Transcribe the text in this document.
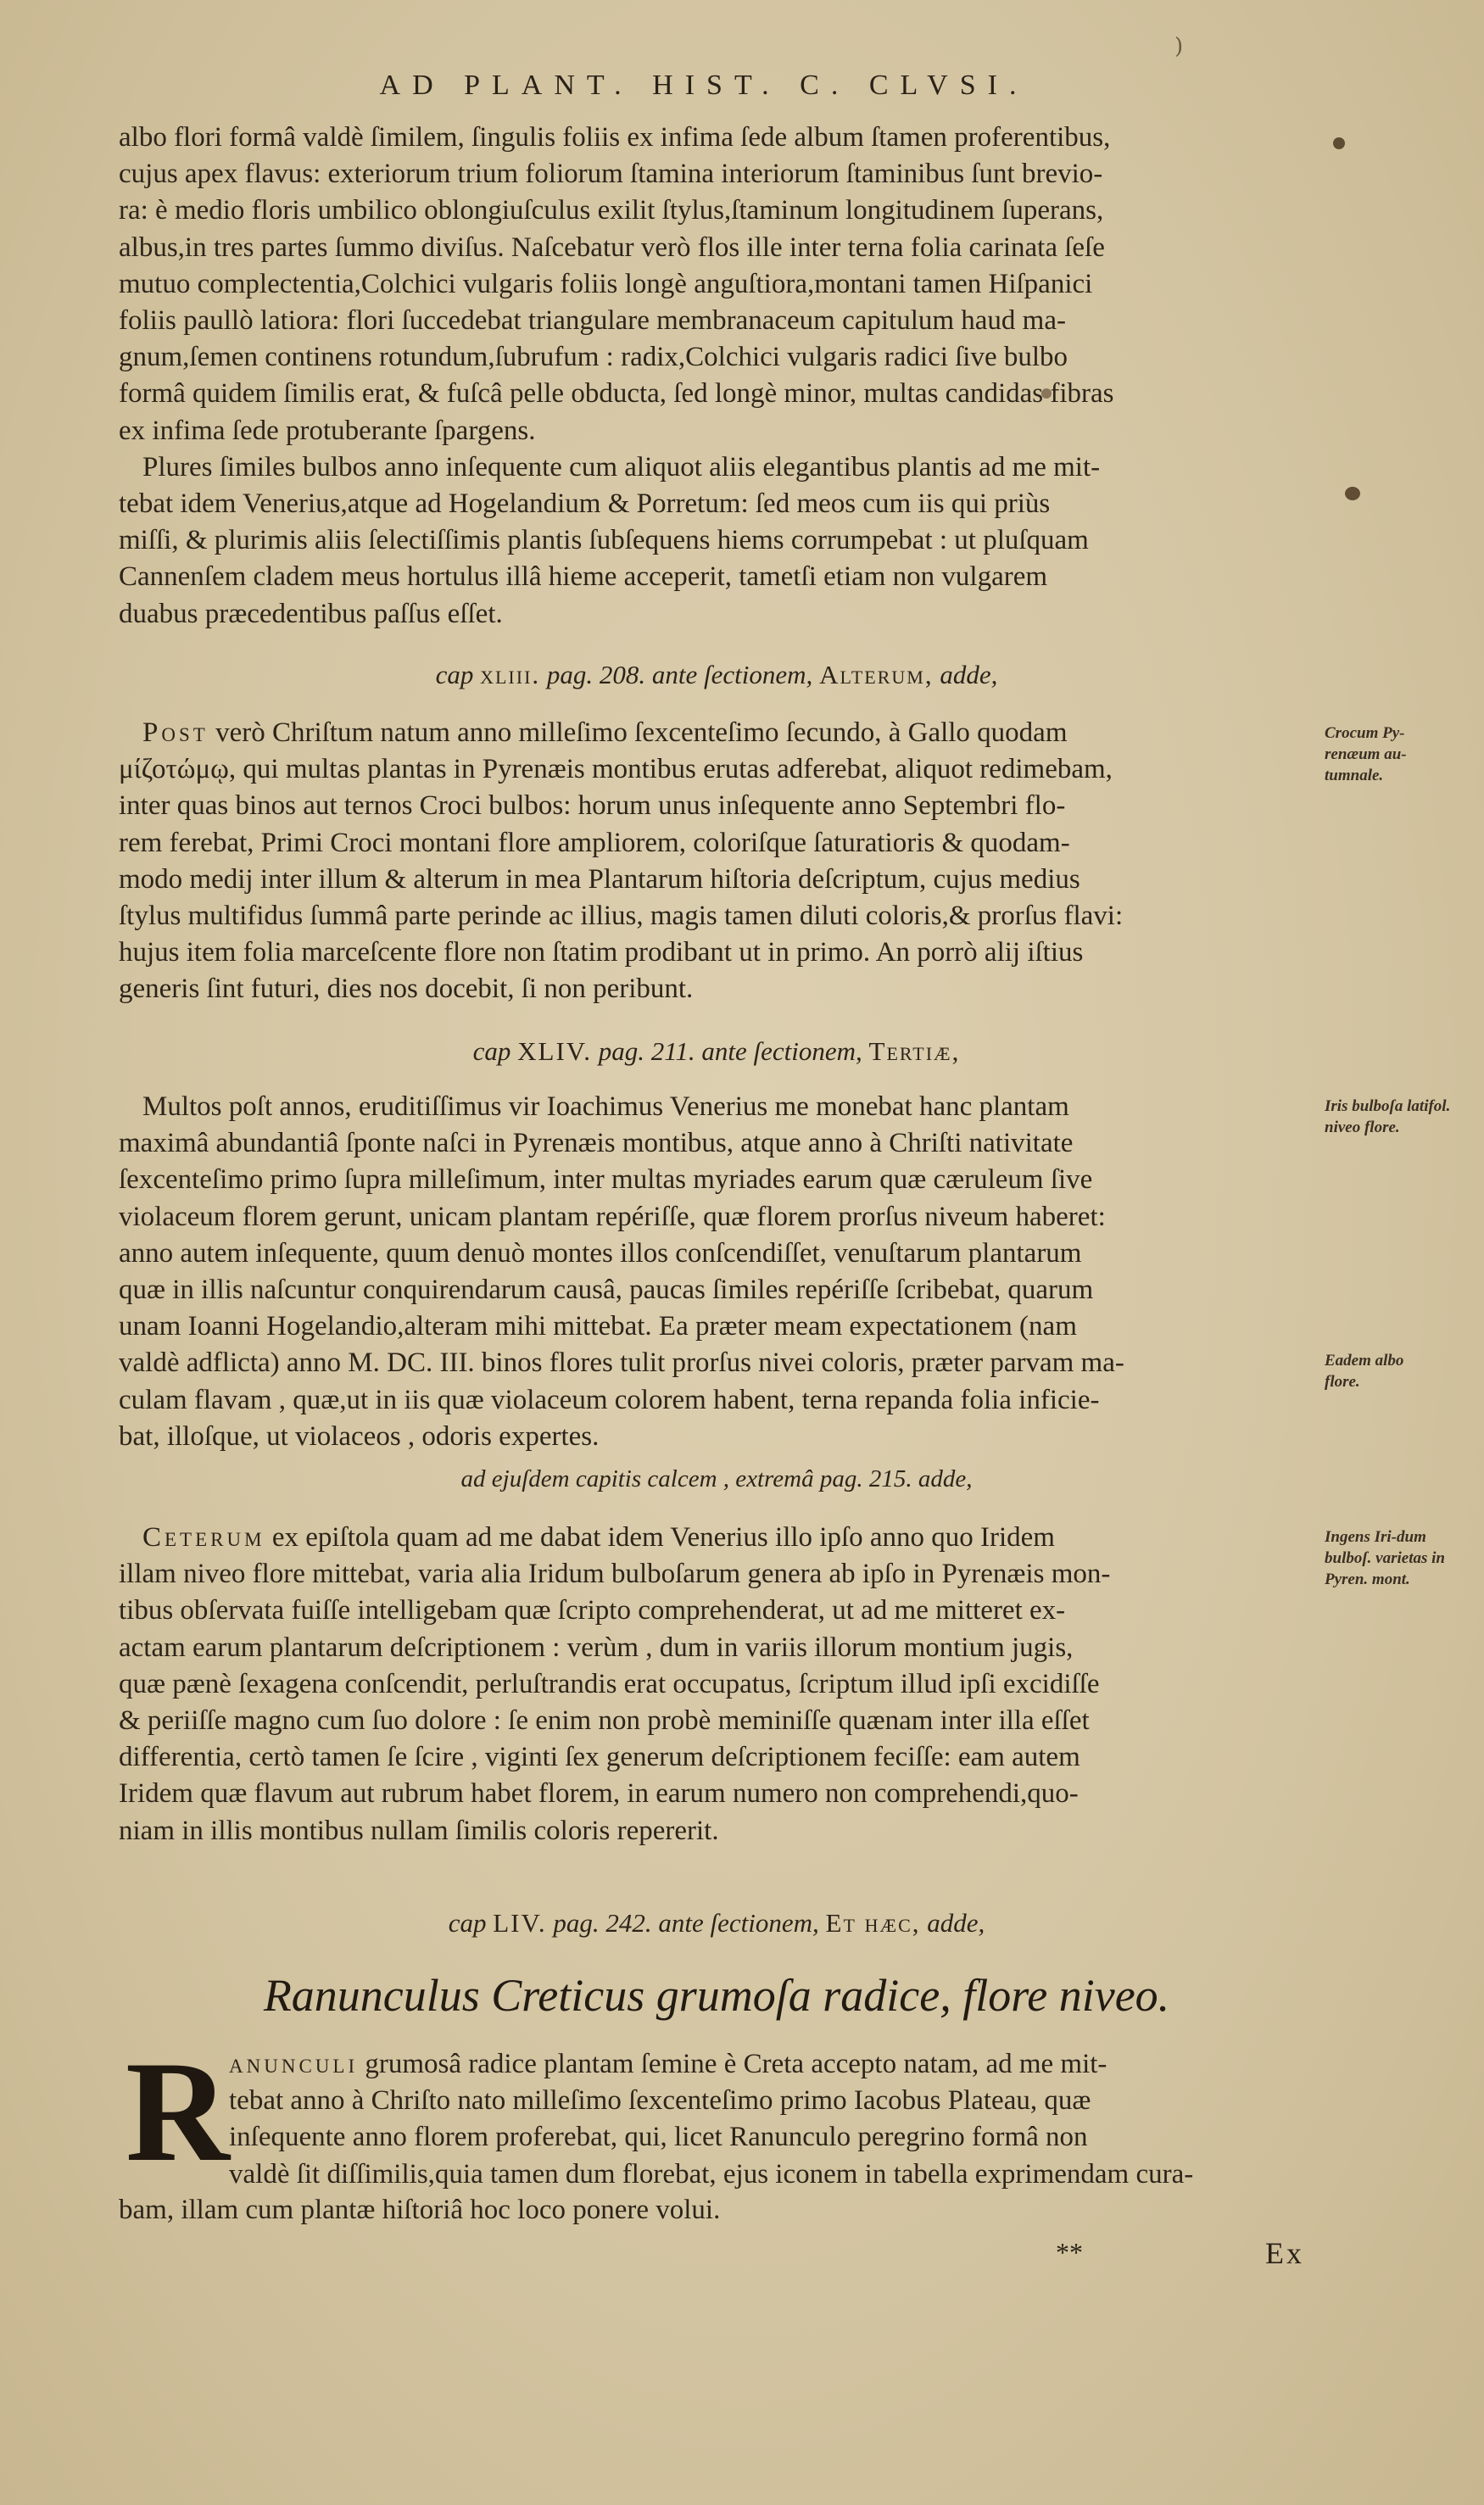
)
AD PLANT. HIST. C. CLVSI.

albo flori formâ valdè ſimilem, ſingulis foliis ex infima ſede album ſtamen proferentibus,

cujus apex flavus: exteriorum trium foliorum ſtamina interiorum ſtaminibus ſunt brevio-

ra: è medio floris umbilico oblongiuſculus exilit ſtylus,ſtaminum longitudinem ſuperans,

albus,in tres partes ſummo diviſus. Naſcebatur verò flos ille inter terna folia carinata ſeſe

mutuo complectentia,Colchici vulgaris foliis longè anguſtiora,montani tamen Hiſpanici

foliis paullò latiora: flori ſuccedebat triangulare membranaceum capitulum haud ma-

gnum,ſemen continens rotundum,ſubrufum : radix,Colchici vulgaris radici ſive bulbo

formâ quidem ſimilis erat, & fuſcâ pelle obducta, ſed longè minor, multas candidas fibras

ex infima ſede protuberante ſpargens.

Plures ſimiles bulbos anno inſequente cum aliquot aliis elegantibus plantis ad me mit-

tebat idem Venerius,atque ad Hogelandium & Porretum: ſed meos cum iis qui priùs

miſſi, & plurimis aliis ſelectiſſimis plantis ſubſequens hiems corrumpebat : ut pluſquam

Cannenſem cladem meus hortulus illâ hieme acceperit, tametſi etiam non vulgarem

duabus præcedentibus paſſus eſſet.

cap xliii. pag. 208. ante ſectionem, Alterum, adde,

Post verò Chriſtum natum anno milleſimo ſexcenteſimo ſecundo, à Gallo quodam

μίζοτώμῳ, qui multas plantas in Pyrenæis montibus erutas adferebat, aliquot redimebam,

inter quas binos aut ternos Croci bulbos: horum unus inſequente anno Septembri flo-

rem ferebat, Primi Croci montani flore ampliorem, coloriſque ſaturatioris & quodam-

modo medij inter illum & alterum in mea Plantarum hiſtoria deſcriptum, cujus medius

ſtylus multifidus ſummâ parte perinde ac illius, magis tamen diluti coloris,& prorſus flavi:

hujus item folia marceſcente flore non ſtatim prodibant ut in primo. An porrò alij iſtius

generis ſint futuri, dies nos docebit, ſi non peribunt.

Crocum Py-renæum au-tumnale.
cap XLIV. pag. 211. ante ſectionem, Tertiæ,

Multos poſt annos, eruditiſſimus vir Ioachimus Venerius me monebat hanc plantam

maximâ abundantiâ ſponte naſci in Pyrenæis montibus, atque anno à Chriſti nativitate

ſexcenteſimo primo ſupra milleſimum, inter multas myriades earum quæ cæruleum ſive

violaceum florem gerunt, unicam plantam repériſſe, quæ florem prorſus niveum haberet:

anno autem inſequente, quum denuò montes illos conſcendiſſet, venuſtarum plantarum

quæ in illis naſcuntur conquirendarum causâ, paucas ſimiles repériſſe ſcribebat, quarum

unam Ioanni Hogelandio,alteram mihi mittebat. Ea præter meam expectationem (nam

valdè adflicta) anno M. DC. III. binos flores tulit prorſus nivei coloris, præter parvam ma-

culam flavam , quæ,ut in iis quæ violaceum colorem habent, terna repanda folia inficie-

bat, illoſque, ut violaceos , odoris expertes.

Iris bulboſa latifol. niveo flore.
Eadem albo flore.
ad ejuſdem capitis calcem , extremâ pag. 215. adde,

Ceterum ex epiſtola quam ad me dabat idem Venerius illo ipſo anno quo Iridem

illam niveo flore mittebat, varia alia Iridum bulboſarum genera ab ipſo in Pyrenæis mon-

tibus obſervata fuiſſe intelligebam quæ ſcripto comprehenderat, ut ad me mitteret ex-

actam earum plantarum deſcriptionem : verùm , dum in variis illorum montium jugis,

quæ pænè ſexagena conſcendit, perluſtrandis erat occupatus, ſcriptum illud ipſi excidiſſe

& periiſſe magno cum ſuo dolore : ſe enim non probè meminiſſe quænam inter illa eſſet

differentia, certò tamen ſe ſcire , viginti ſex generum deſcriptionem feciſſe: eam autem

Iridem quæ flavum aut rubrum habet florem, in earum numero non comprehendi,quo-

niam in illis montibus nullam ſimilis coloris repererit.

Ingens Iri-dum bulboſ. varietas in Pyren. mont.
cap LIV. pag. 242. ante ſectionem, Et hæc, adde,
Ranunculus Creticus grumoſa radice, flore niveo.
R anunculi grumosâ radice plantam ſemine è Creta accepto natam, ad me mit-

tebat anno à Chriſto nato milleſimo ſexcenteſimo primo Iacobus Plateau, quæ

inſequente anno florem proferebat, qui, licet Ranunculo peregrino formâ non

valdè ſit diſſimilis,quia tamen dum florebat, ejus iconem in tabella exprimendam cura-

bam, illam cum plantæ hiſtoriâ hoc loco ponere volui.

**	Ex
